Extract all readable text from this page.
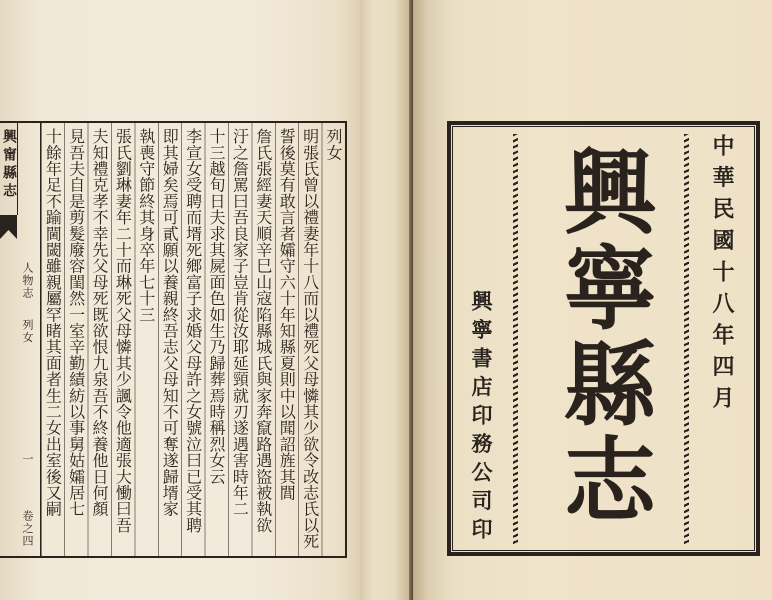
興甯縣志
人物志
列女
一
卷之四
列女
明張氏曾以禮妻年十八而以禮死父母憐其少欲令改志氏以死
誓後莫有敢言者孀守六十年知縣夏則中以聞詔旌其閭
詹氏張經妻天順辛巳山寇陷縣城氏與家奔竄路遇盜被執欲
汙之詹罵曰吾良家子豈肯從汝耶延頸就刃遂遇害時年二
十三越旬日夫求其屍面色如生乃歸葬焉時稱烈女云
李宣女受聘而壻死鄉富子求婚父母許之女號泣曰已受其聘
即其婦矣焉可貳願以養親終吾志父母知不可奪遂歸壻家
執喪守節終其身卒年七十三
張氏劉琳妻年二十而琳死父母憐其少諷令他適張大慟曰吾
夫知禮克孝不幸先父母死既欲恨九泉吾不終養他日何顏
見吾夫自是剪髮廢容閨然一室辛勤績紡以事舅姑孀居七
十餘年足不踰閫閾雖親屬罕睹其面者生二女出室後又嗣	中華民國十八年四月
興寧縣志
興寧書店印務公司印
